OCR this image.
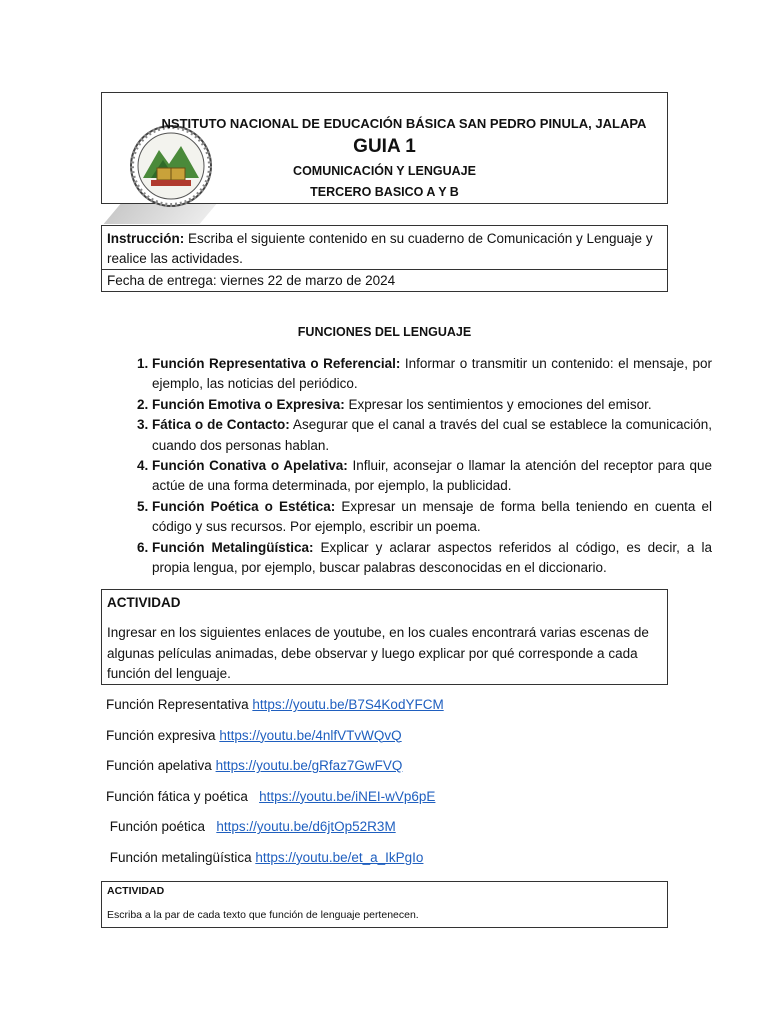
NSTITUTO NACIONAL DE EDUCACIÓN BÁSICA SAN PEDRO PINULA, JALAPA
GUIA 1
COMUNICACIÓN Y LENGUAJE
TERCERO BASICO A Y B
Instrucción: Escriba el siguiente contenido en su cuaderno de Comunicación y Lenguaje y realice las actividades.
Fecha de entrega: viernes 22 de marzo de 2024
FUNCIONES DEL LENGUAJE
1. Función Representativa o Referencial: Informar o transmitir un contenido: el mensaje, por ejemplo, las noticias del periódico.
2. Función Emotiva o Expresiva: Expresar los sentimientos y emociones del emisor.
3. Fática o de Contacto: Asegurar que el canal a través del cual se establece la comunicación, cuando dos personas hablan.
4. Función Conativa o Apelativa: Influir, aconsejar o llamar la atención del receptor para que actúe de una forma determinada, por ejemplo, la publicidad.
5. Función Poética o Estética: Expresar un mensaje de forma bella teniendo en cuenta el código y sus recursos. Por ejemplo, escribir un poema.
6. Función Metalingüística: Explicar y aclarar aspectos referidos al código, es decir, a la propia lengua, por ejemplo, buscar palabras desconocidas en el diccionario.
ACTIVIDAD
Ingresar en los siguientes enlaces de youtube, en los cuales encontrará varias escenas de algunas películas animadas, debe observar y luego explicar por qué corresponde a cada función del lenguaje.
Función Representativa https://youtu.be/B7S4KodYFCM
Función expresiva https://youtu.be/4nlfVTvWQvQ
Función apelativa https://youtu.be/gRfaz7GwFVQ
Función fática y poética   https://youtu.be/iNEI-wVp6pE
Función poética   https://youtu.be/d6jtOp52R3M
Función metalingüística https://youtu.be/et_a_IkPgIo
ACTIVIDAD
Escriba a la par de cada texto que función de lenguaje pertenecen.
